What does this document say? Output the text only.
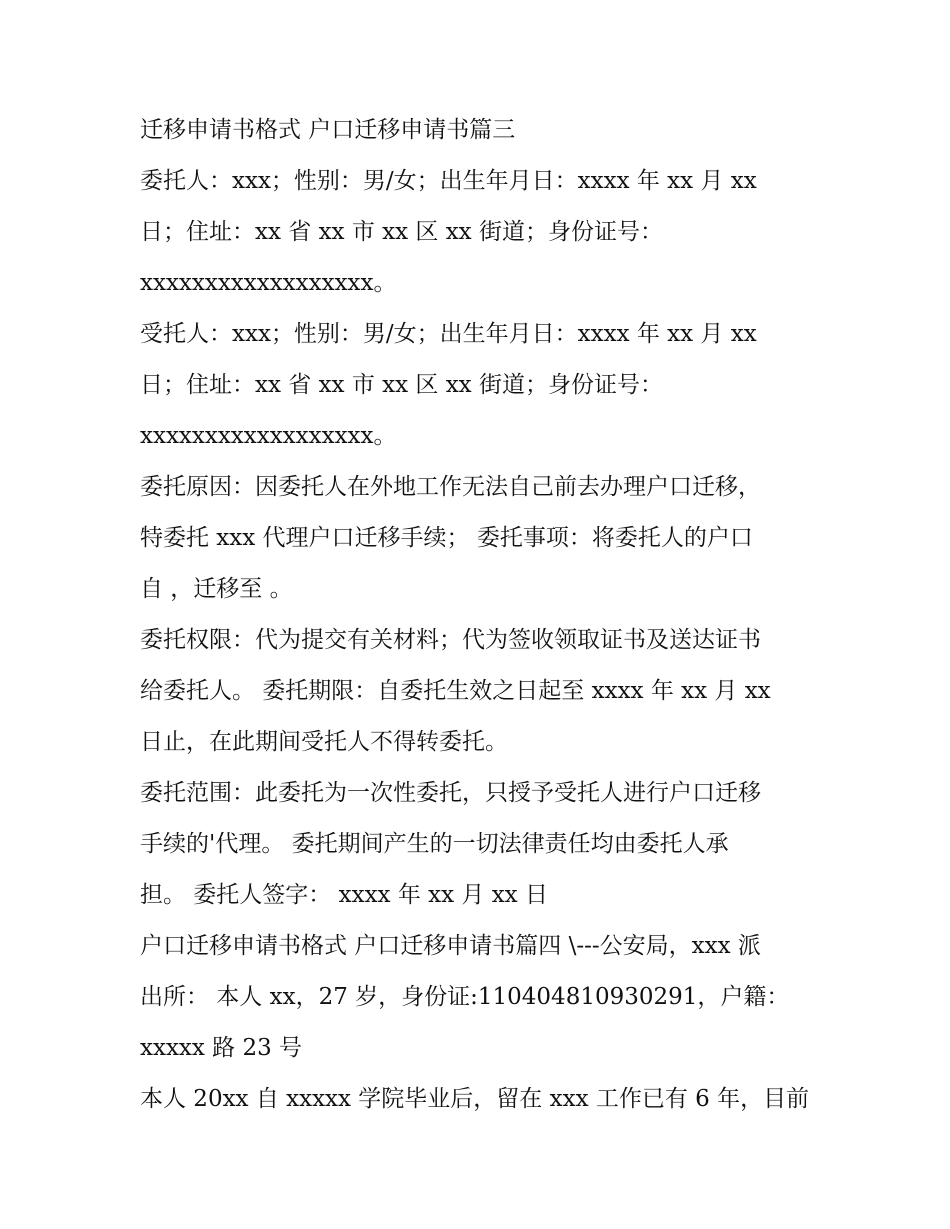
迁移申请书格式 户口迁移申请书篇三

委托人：xxx；性别：男/女；出生年月日：xxxx 年 xx 月 xx

日；住址：xx 省 xx 市 xx 区 xx 街道；身份证号：

xxxxxxxxxxxxxxxxxx。

受托人：xxx；性别：男/女；出生年月日：xxxx 年 xx 月 xx

日；住址：xx 省 xx 市 xx 区 xx 街道；身份证号：

xxxxxxxxxxxxxxxxxx。

委托原因：因委托人在外地工作无法自己前去办理户口迁移，

特委托 xxx 代理户口迁移手续； 委托事项：将委托人的户口

自 ，迁移至 。

委托权限：代为提交有关材料；代为签收领取证书及送达证书

给委托人。 委托期限：自委托生效之日起至 xxxx 年 xx 月 xx

日止，在此期间受托人不得转委托。

委托范围：此委托为一次性委托，只授予受托人进行户口迁移

手续的'代理。 委托期间产生的一切法律责任均由委托人承

担。 委托人签字： xxxx 年 xx 月 xx 日

户口迁移申请书格式 户口迁移申请书篇四 \---公安局，xxx 派

出所： 本人 xx，27 岁，身份证:110404810930291，户籍：

xxxxx 路 23 号

本人 20xx 自 xxxxx 学院毕业后，留在 xxx 工作已有 6 年，目前
